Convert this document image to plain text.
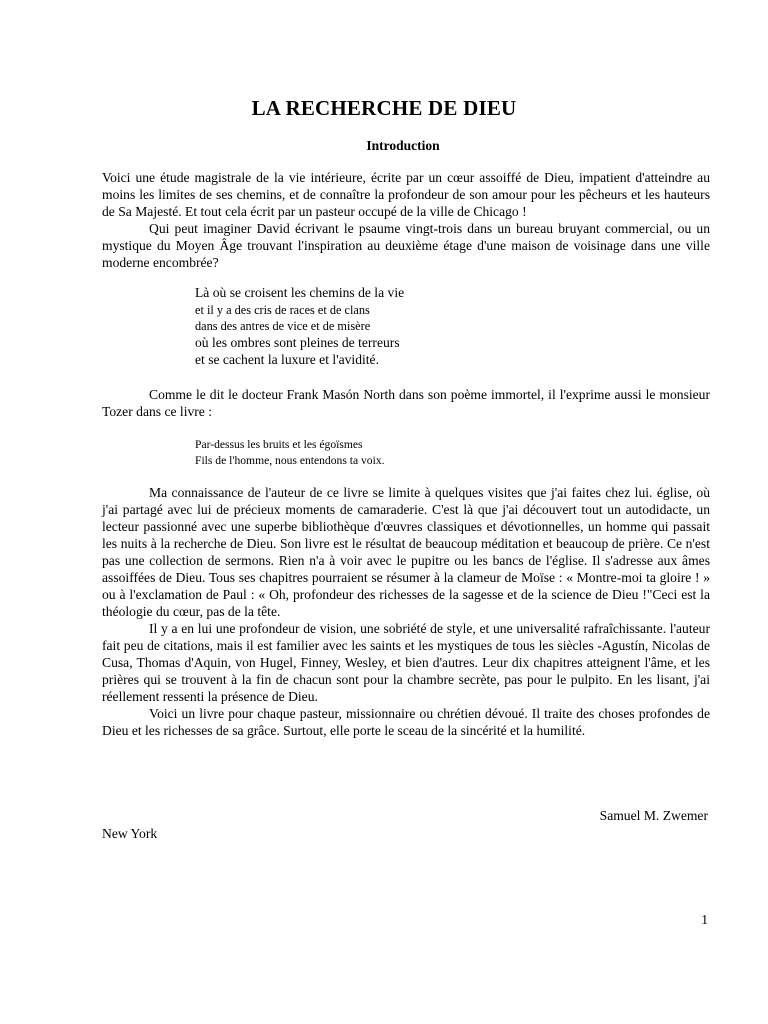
LA RECHERCHE DE DIEU
Introduction

Voici une étude magistrale de la vie intérieure, écrite par un cœur assoiffé de Dieu, impatient d'atteindre au moins les limites de ses chemins, et de connaître la profondeur de son amour pour les pêcheurs et les hauteurs de Sa Majesté. Et tout cela écrit par un pasteur occupé de la ville de Chicago !

Qui peut imaginer David écrivant le psaume vingt-trois dans un bureau bruyant commercial, ou un mystique du Moyen Âge trouvant l'inspiration au deuxième étage d'une maison de voisinage dans une ville moderne encombrée?

Là où se croisent les chemins de la vie
et il y a des cris de races et de clans
dans des antres de vice et de misère
où les ombres sont pleines de terreurs
et se cachent la luxure et l'avidité.

Comme le dit le docteur Frank Masón North dans son poème immortel, il l'exprime aussi le monsieur Tozer dans ce livre :

Par-dessus les bruits et les égoïsmes
Fils de l'homme, nous entendons ta voix.

Ma connaissance de l'auteur de ce livre se limite à quelques visites que j'ai faites chez lui. église, où j'ai partagé avec lui de précieux moments de camaraderie. C'est là que j'ai découvert tout un autodidacte, un lecteur passionné avec une superbe bibliothèque d'œuvres classiques et dévotionnelles, un homme qui passait les nuits à la recherche de Dieu. Son livre est le résultat de beaucoup méditation et beaucoup de prière. Ce n'est pas une collection de sermons. Rien n'a à voir avec le pupitre ou les bancs de l'église. Il s'adresse aux âmes assoiffées de Dieu. Tous ses chapitres pourraient se résumer à la clameur de Moïse : « Montre-moi ta gloire ! » ou à l'exclamation de Paul : « Oh, profondeur des richesses de la sagesse et de la science de Dieu !"Ceci est la théologie du cœur, pas de la tête.

Il y a en lui une profondeur de vision, une sobriété de style, et une universalité rafraîchissante. l'auteur fait peu de citations, mais il est familier avec les saints et les mystiques de tous les siècles -Agustín, Nicolas de Cusa, Thomas d'Aquin, von Hugel, Finney, Wesley, et bien d'autres. Leur dix chapitres atteignent l'âme, et les prières qui se trouvent à la fin de chacun sont pour la chambre secrète, pas pour le pulpito. En les lisant, j'ai réellement ressenti la présence de Dieu.

Voici un livre pour chaque pasteur, missionnaire ou chrétien dévoué. Il traite des choses profondes de Dieu et les richesses de sa grâce. Surtout, elle porte le sceau de la sincérité et la humilité.

Samuel M. Zwemer
New York
1
